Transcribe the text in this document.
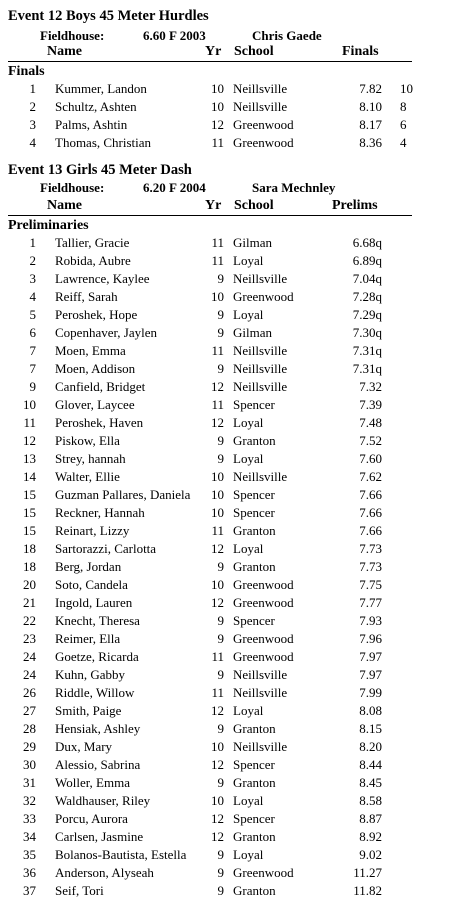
Event 12 Boys 45 Meter Hurdles
Fieldhouse:	6.60 F 2003	Chris Gaede
Name	Yr School	Finals
Finals
1 Kummer, Landon	10 Neillsville	7.82 10
2 Schultz, Ashten	10 Neillsville	8.10 8
3 Palms, Ashtin	12 Greenwood	8.17 6
4 Thomas, Christian	11 Greenwood	8.36 4
Event 13 Girls 45 Meter Dash
Fieldhouse:	6.20 F 2004	Sara Mechnley
Name	Yr School	Prelims
Preliminaries
1 Tallier, Gracie	11 Gilman	6.68q
2 Robida, Aubre	11 Loyal	6.89q
3 Lawrence, Kaylee	9 Neillsville	7.04q
4 Reiff, Sarah	10 Greenwood	7.28q
5 Peroshek, Hope	9 Loyal	7.29q
6 Copenhaver, Jaylen	9 Gilman	7.30q
7 Moen, Emma	11 Neillsville	7.31q
7 Moen, Addison	9 Neillsville	7.31q
9 Canfield, Bridget	12 Neillsville	7.32
10 Glover, Laycee	11 Spencer	7.39
11 Peroshek, Haven	12 Loyal	7.48
12 Piskow, Ella	9 Granton	7.52
13 Strey, hannah	9 Loyal	7.60
14 Walter, Ellie	10 Neillsville	7.62
15 Guzman Pallares, Daniela	10 Spencer	7.66
15 Reckner, Hannah	10 Spencer	7.66
15 Reinart, Lizzy	11 Granton	7.66
18 Sartorazzi, Carlotta	12 Loyal	7.73
18 Berg, Jordan	9 Granton	7.73
20 Soto, Candela	10 Greenwood	7.75
21 Ingold, Lauren	12 Greenwood	7.77
22 Knecht, Theresa	9 Spencer	7.93
23 Reimer, Ella	9 Greenwood	7.96
24 Goetze, Ricarda	11 Greenwood	7.97
24 Kuhn, Gabby	9 Neillsville	7.97
26 Riddle, Willow	11 Neillsville	7.99
27 Smith, Paige	12 Loyal	8.08
28 Hensiak, Ashley	9 Granton	8.15
29 Dux, Mary	10 Neillsville	8.20
30 Alessio, Sabrina	12 Spencer	8.44
31 Woller, Emma	9 Granton	8.45
32 Waldhauser, Riley	10 Loyal	8.58
33 Porcu, Aurora	12 Spencer	8.87
34 Carlsen, Jasmine	12 Granton	8.92
35 Bolanos-Bautista, Estella	9 Loyal	9.02
36 Anderson, Alyseah	9 Greenwood	11.27
37 Seif, Tori	9 Granton	11.82
